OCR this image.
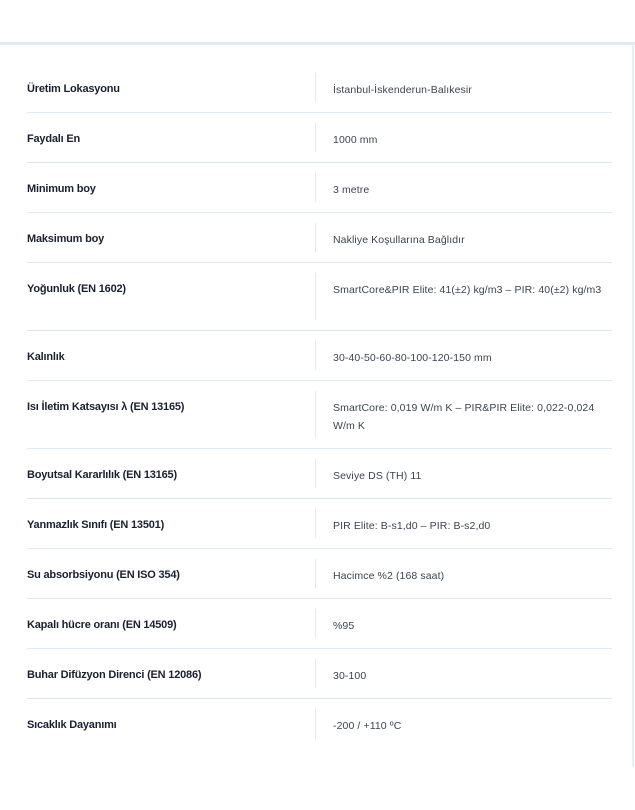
Üretim Lokasyonu	İstanbul-İskenderun-Balıkesir
Faydalı En	1000 mm
Minimum boy	3 metre
Maksimum boy	Nakliye Koşullarına Bağlıdır
Yoğunluk (EN 1602)	SmartCore&PIR Elite: 41(±2) kg/m3 – PIR: 40(±2) kg/m3
Kalınlık	30-40-50-60-80-100-120-150 mm
Isı İletim Katsayısı λ (EN 13165)	SmartCore: 0,019 W/m K – PIR&PIR Elite: 0,022-0,024 W/m K
Boyutsal Kararlılık (EN 13165)	Seviye DS (TH) 11
Yanmazlık Sınıfı (EN 13501)	PIR Elite: B-s1,d0 – PIR: B-s2,d0
Su absorbsiyonu (EN ISO 354)	Hacimce %2 (168 saat)
Kapalı hücre oranı (EN 14509)	%95
Buhar Difüzyon Direnci (EN 12086)	30-100
Sıcaklık Dayanımı	-200 / +110 ºC
